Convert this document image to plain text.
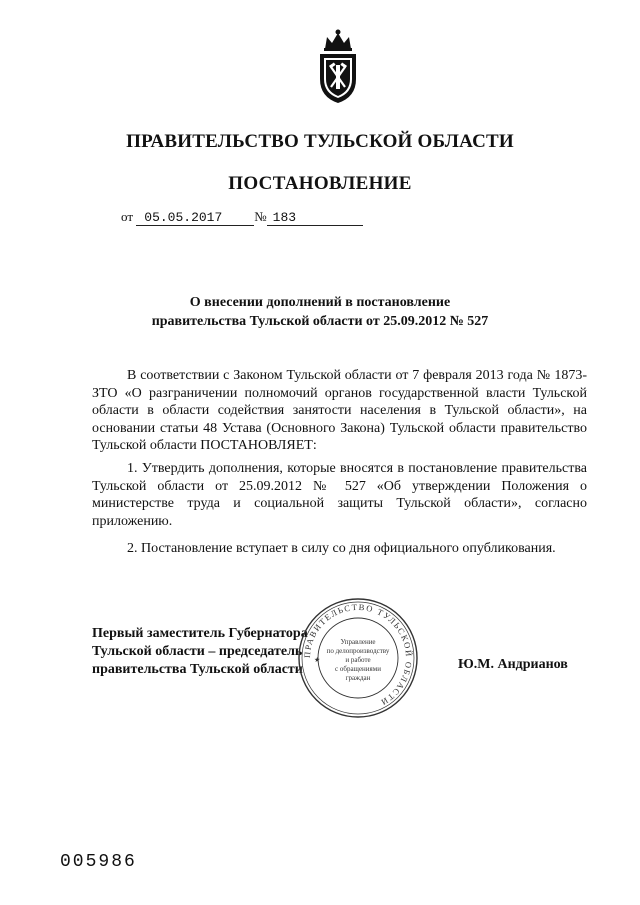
ПРАВИТЕЛЬСТВО ТУЛЬСКОЙ ОБЛАСТИ
ПОСТАНОВЛЕНИЕ
от 05.05.2017 № 183
О внесении дополнений в постановление
правительства Тульской области от 25.09.2012 № 527
В соответствии с Законом Тульской области от 7 февраля 2013 года № 1873-ЗТО «О разграничении полномочий органов государственной власти Тульской области в области содействия занятости населения в Тульской области», на основании статьи 48 Устава (Основного Закона) Тульской области правительство Тульской области ПОСТАНОВЛЯЕТ:
1. Утвердить дополнения, которые вносятся в постановление правительства Тульской области от 25.09.2012 № 527 «Об утверждении Положения о министерстве труда и социальной защиты Тульской области», согласно приложению.
2. Постановление вступает в силу со дня официального опубликования.
Первый заместитель Губернатора
Тульской области – председатель
правительства Тульской области	Ю.М. Андрианов
ПРАВИТЕЛЬСТВО ТУЛЬСКОЙ ОБЛАСТИ
Управление
по делопроизводству
и работе
с обращениями
граждан
★
005986
